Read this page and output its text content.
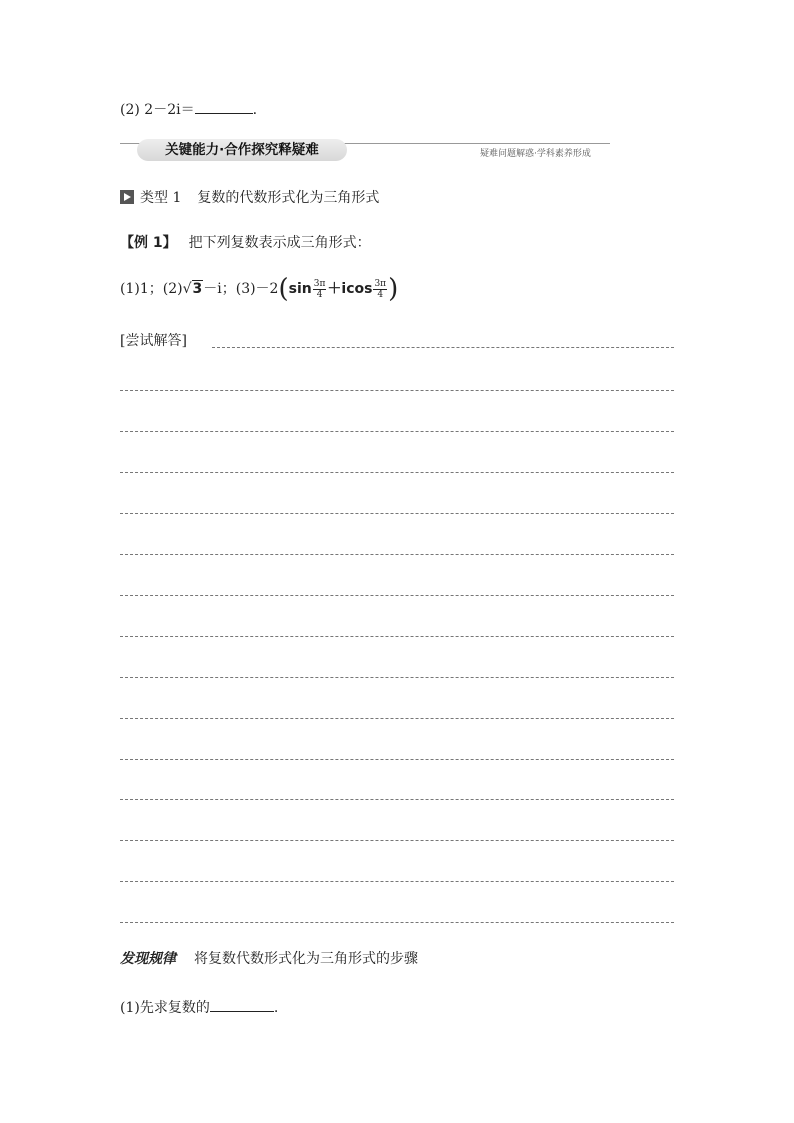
(2) 2－2i＝	.
关键能力·合作探究释疑难	疑难问题解惑·学科素养形成
类型 1 复数的代数形式化为三角形式
【例 1】 把下列复数表示成三角形式：
(1)1；(2)√3－i；$(3)-2(\sin \frac{3\pi}{4} +icos \frac{3\pi}{4}$ )
[尝试解答]
发现规律 将复数代数形式化为三角形式的步骤
(1)先求复数的	.
